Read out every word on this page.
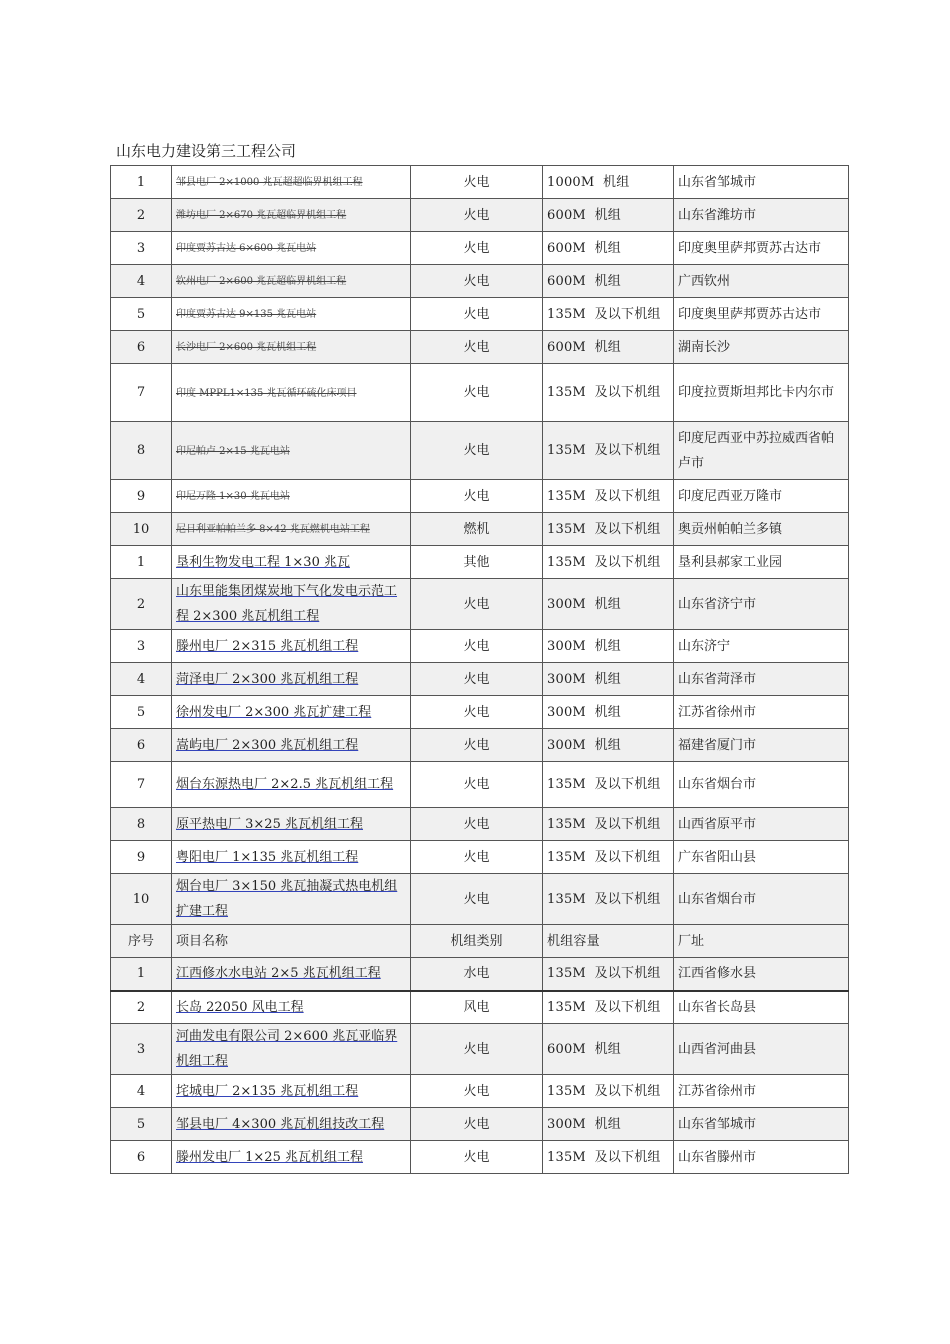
山东电力建设第三工程公司
1	邹县电厂 2×1000 兆瓦超超临界机组工程	火电	1000M  机组	山东省邹城市
2	潍坊电厂 2×670 兆瓦超临界机组工程	火电	600M  机组	山东省潍坊市
3	印度贾苏古达 6×600 兆瓦电站	火电	600M  机组	印度奥里萨邦贾苏古达市
4	钦州电厂 2×600 兆瓦超临界机组工程	火电	600M  机组	广西钦州
5	印度贾苏古达 9×135 兆瓦电站	火电	135M  及以下机组	印度奥里萨邦贾苏古达市
6	长沙电厂 2×600 兆瓦机组工程	火电	600M  机组	湖南长沙
7	印度 MPPL1×135 兆瓦循环硫化床项目	火电	135M  及以下机组	印度拉贾斯坦邦比卡内尔市
8	印尼帕卢 2×15 兆瓦电站	火电	135M  及以下机组	印度尼西亚中苏拉威西省帕卢市
9	印尼万隆 1×30 兆瓦电站	火电	135M  及以下机组	印度尼西亚万隆市
10	尼日利亚帕帕兰多 8×42 兆瓦燃机电站工程	燃机	135M  及以下机组	奥贡州帕帕兰多镇
1	垦利生物发电工程 1×30 兆瓦	其他	135M  及以下机组	垦利县郝家工业园
2	山东里能集团煤炭地下气化发电示范工程 2×300 兆瓦机组工程	火电	300M  机组	山东省济宁市
3	滕州电厂 2×315 兆瓦机组工程	火电	300M  机组	山东济宁
4	菏泽电厂 2×300 兆瓦机组工程	火电	300M  机组	山东省菏泽市
5	徐州发电厂 2×300 兆瓦扩建工程	火电	300M  机组	江苏省徐州市
6	嵩屿电厂 2×300 兆瓦机组工程	火电	300M  机组	福建省厦门市
7	烟台东源热电厂 2×2.5 兆瓦机组工程	火电	135M  及以下机组	山东省烟台市
8	原平热电厂 3×25 兆瓦机组工程	火电	135M  及以下机组	山西省原平市
9	粤阳电厂 1×135 兆瓦机组工程	火电	135M  及以下机组	广东省阳山县
10	烟台电厂 3×150 兆瓦抽凝式热电机组扩建工程	火电	135M  及以下机组	山东省烟台市
序号	项目名称	机组类别	机组容量	厂址
1	江西修水水电站 2×5 兆瓦机组工程	水电	135M  及以下机组	江西省修水县
2	长岛 22050 风电工程	风电	135M  及以下机组	山东省长岛县
3	河曲发电有限公司 2×600 兆瓦亚临界机组工程	火电	600M  机组	山西省河曲县
4	垞城电厂 2×135 兆瓦机组工程	火电	135M  及以下机组	江苏省徐州市
5	邹县电厂 4×300 兆瓦机组技改工程	火电	300M  机组	山东省邹城市
6	滕州发电厂 1×25 兆瓦机组工程	火电	135M  及以下机组	山东省滕州市
